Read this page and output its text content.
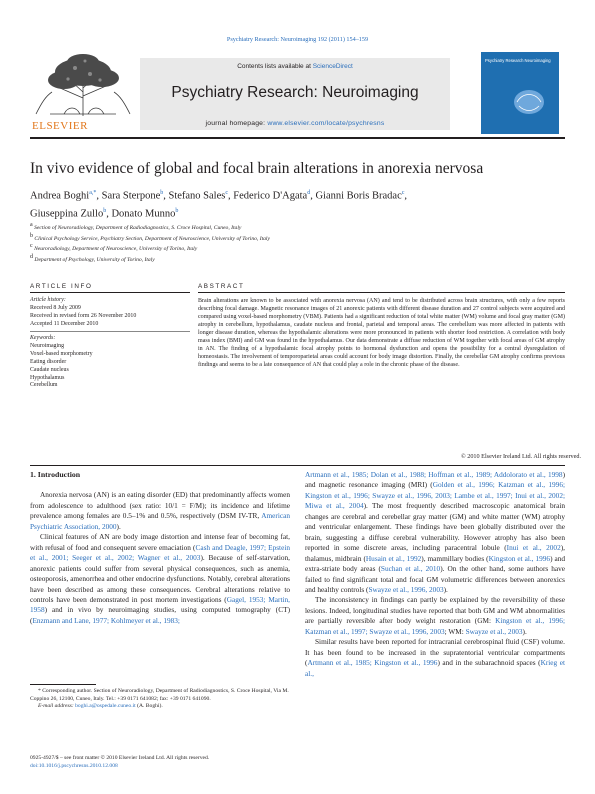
Psychiatry Research: Neuroimaging 192 (2011) 154–159
ELSEVIER
Contents lists available at ScienceDirect
Psychiatry Research: Neuroimaging
journal homepage: www.elsevier.com/locate/psychresns
Psychiatry Research Neuroimaging
In vivo evidence of global and focal brain alterations in anorexia nervosa
Andrea Boghi$^{a,*}$, Sara Sterpone$^b$, Stefano Sales$^c$, Federico D'Agata$^d$, Gianni Boris Bradac$^c$,
Giuseppina Zullo$^b$, Donato Munno$^b$
$^a$ Section of Neuroradiology, Department of Radiodiagnostics, S. Croce Hospital, Cuneo, Italy
$^b$ Clinical Psychology Service, Psychiatry Section, Department of Neuroscience, University of Torino, Italy
$^c$ Neuroradiology, Department of Neuroscience, University of Torino, Italy
$^d$ Department of Psychology, University of Torino, Italy
ARTICLE INFO
Article history:
Received 8 July 2009
Received in revised form 26 November 2010
Accepted 11 December 2010
Keywords:
Neuroimaging
Voxel-based morphometry
Eating disorder
Caudate nucleus
Hypothalamus
Cerebellum
ABSTRACT
Brain alterations are known to be associated with anorexia nervosa (AN) and tend to be distributed across brain structures, with only a few reports describing focal damage. Magnetic resonance images of 21 anorexic patients with different disease duration and 27 control subjects were acquired and compared using voxel-based morphometry (VBM). Patients had a significant reduction of total white matter (WM) volume and focal gray matter (GM) atrophy in cerebellum, hypothalamus, caudate nucleus and frontal, parietal and temporal areas. The cerebellum was more affected in patients with longer disease duration, whereas the hypothalamic alterations were more pronounced in patients with shorter food restriction. A correlation with body mass index (BMI) and GM was found in the hypothalamus. Our data demonstrate a diffuse reduction of WM together with focal areas of GM atrophy in AN. The finding of a hypothalamic focal atrophy points to hormonal dysfunction and opens the possibility for a central dysregulation of homeostasis. The involvement of temporoparietal areas could account for body image distortion. Finally, the cerebellar GM atrophy confirms previous findings and seems to be a late consequence of AN that could play a role in the chronic phase of the disease.
© 2010 Elsevier Ireland Ltd. All rights reserved.
1. Introduction

Anorexia nervosa (AN) is an eating disorder (ED) that predominantly affects women from adolescence to adulthood (sex ratio: 10/1 = F/M); its incidence and lifetime prevalence among females are 0.5–1% and 0.5%, respectively (DSM IV-TR, American Psychiatric Association, 2000).

Clinical features of AN are body image distortion and intense fear of becoming fat, with refusal of food and consequent severe emaciation (Cash and Deagle, 1997; Epstein et al., 2001; Seeger et al., 2002; Wagner et al., 2003). Because of self-starvation, anorexic patients could suffer from several physical consequences, such as anemia, osteoporosis, amenorrhea and other endocrine dysfunctions. Notably, cerebral alterations have been described as among these consequences. Cerebral alterations relative to controls have been demonstrated in post mortem investigations (Gagel, 1953; Martin, 1958) and in vivo by neuroimaging studies, using computed tomography (CT) (Enzmann and Lane, 1977; Kohlmeyer et al., 1983;

Artmann et al., 1985; Dolan et al., 1988; Hoffman et al., 1989; Addolorato et al., 1998) and magnetic resonance imaging (MRI) (Golden et al., 1996; Katzman et al., 1996; Kingston et al., 1996; Swayze et al., 1996, 2003; Lambe et al., 1997; Inui et al., 2002; Miwa et al., 2004). The most frequently described macroscopic anatomical brain changes are cerebral and cerebellar gray matter (GM) and white matter (WM) atrophy and ventricular enlargement. These findings have been globally distributed over the brain, suggesting a diffuse cerebral vulnerability. However atrophy has also been reported in some discrete areas, including paracentral lobule (Inui et al., 2002), thalamus, midbrain (Husain et al., 1992), mammillary bodies (Kingston et al., 1996) and extra-striate body areas (Suchan et al., 2010). On the other hand, some authors have failed to find significant total and focal GM volumetric differences between anorexics and healthy controls (Swayze et al., 1996, 2003).

The inconsistency in findings can partly be explained by the reversibility of these lesions. Indeed, longitudinal studies have reported that both GM and WM abnormalities are partially reversible after body weight restoration (GM: Kingston et al., 1996; Katzman et al., 1997; Swayze et al., 1996, 2003; WM: Swayze et al., 2003).

Similar results have been reported for intracranial cerebrospinal fluid (CSF) volume. It has been found to be increased in the supratentorial ventricular compartments (Artmann et al., 1985; Kingston et al., 1996) and in the subarachnoid spaces (Krieg et al.,

* Corresponding author. Section of Neuroradiology, Department of Radiodiagnostics, S. Croce Hospital, Via M. Coppino 26, 12100, Cuneo, Italy. Tel.: +39 0171 641082; fax: +39 0171 641090.
E-mail address: boghi.a@ospedale.cuneo.it (A. Boghi).
0925-4927/$ – see front matter © 2010 Elsevier Ireland Ltd. All rights reserved.
doi:10.1016/j.pscychresns.2010.12.008
